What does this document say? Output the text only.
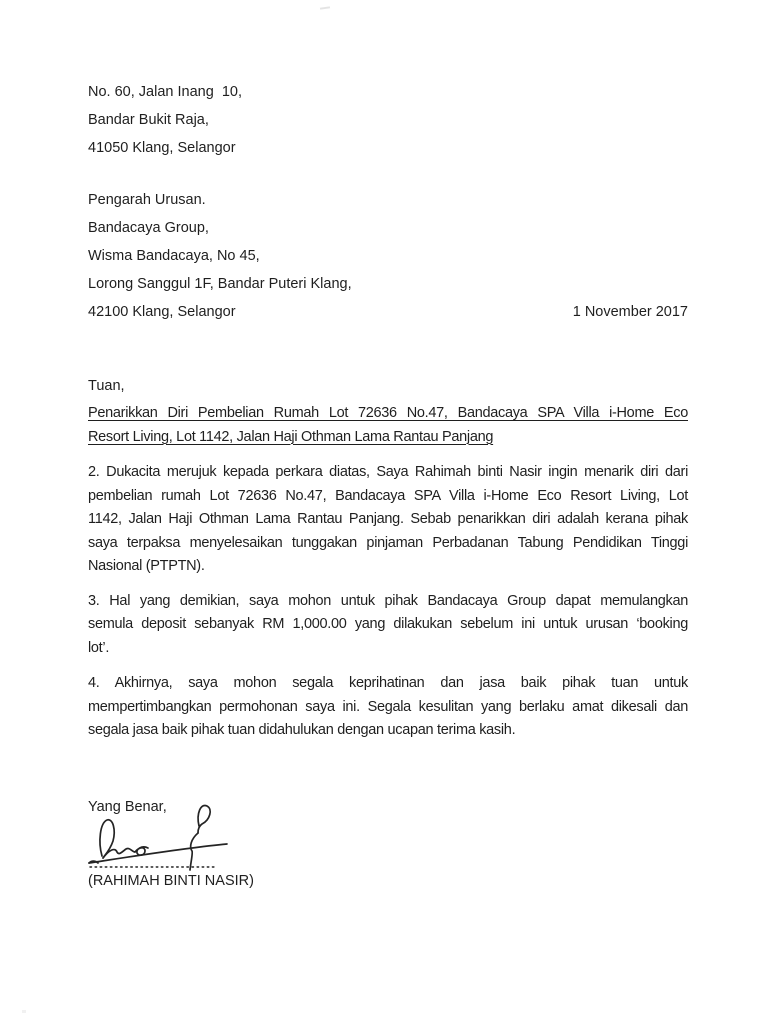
No. 60, Jalan Inang  10,
Bandar Bukit Raja,
41050 Klang, Selangor
Pengarah Urusan.
Bandacaya Group,
Wisma Bandacaya, No 45,
Lorong Sanggul 1F, Bandar Puteri Klang,
42100 Klang, Selangor	1 November 2017
Tuan,
Penarikkan Diri Pembelian Rumah Lot 72636 No.47, Bandacaya SPA Villa i-Home Eco
Resort Living, Lot 1142, Jalan Haji Othman Lama Rantau Panjang
2. Dukacita merujuk kepada perkara diatas, Saya Rahimah binti Nasir ingin menarik diri dari
pembelian rumah Lot 72636 No.47, Bandacaya SPA Villa i-Home Eco Resort Living, Lot
1142, Jalan Haji Othman Lama Rantau Panjang. Sebab penarikkan diri adalah kerana pihak
saya terpaksa menyelesaikan tunggakan pinjaman Perbadanan Tabung Pendidikan Tinggi
Nasional (PTPTN).
3. Hal yang demikian, saya mohon untuk pihak Bandacaya Group dapat memulangkan
semula deposit sebanyak RM 1,000.00 yang dilakukan sebelum ini untuk urusan ‘booking
lot’.
4. Akhirnya, saya mohon segala keprihatinan dan jasa baik pihak tuan untuk
mempertimbangkan permohonan saya ini. Segala kesulitan yang berlaku amat dikesali dan
segala jasa baik pihak tuan didahulukan dengan ucapan terima kasih.
Yang Benar,
(RAHIMAH BINTI NASIR)
